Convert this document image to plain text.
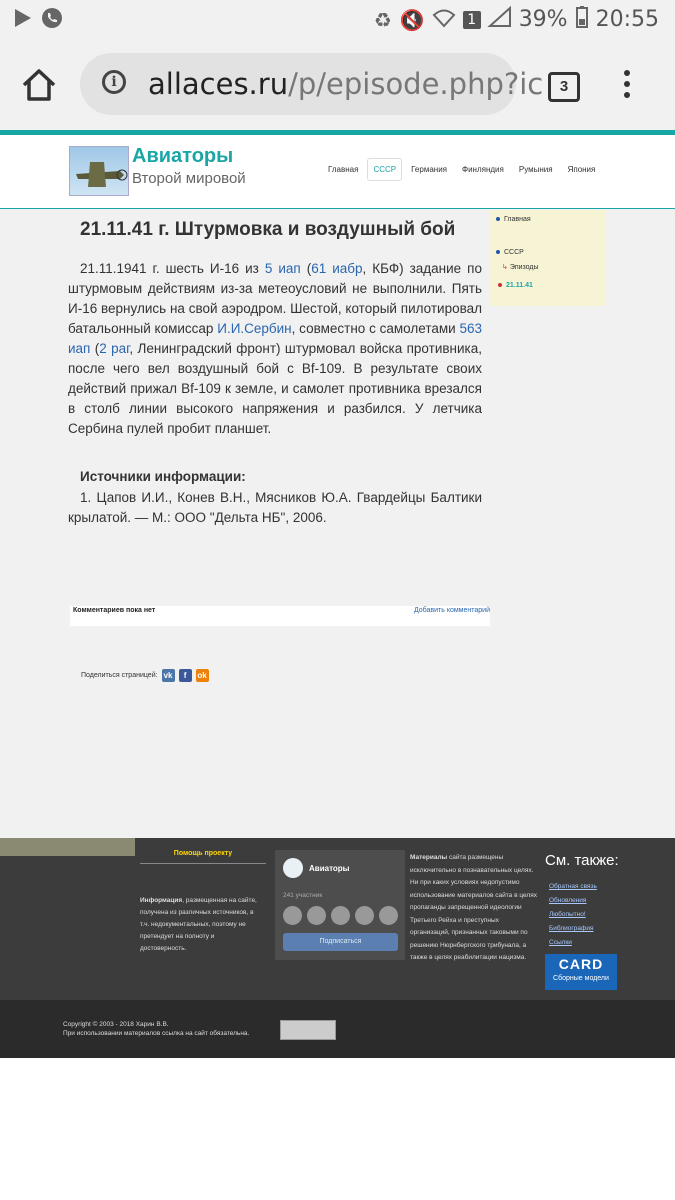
♻ 🔇	1 39% 20:55
i	allaces.ru/p/episode.php?ic	3
Авиаторы
Второй мировой
Главная	СССР	Германия	Финляндия	Румыния	Япония
21.11.41 г. Штурмовка и воздушный бой

21.11.1941 г. шесть И-16 из 5 иап (61 иабр, КБФ) задание по штурмовым действиям из-за метеоусловий не выполнили. Пять И-16 вернулись на свой аэродром. Шестой, который пилотировал батальонный комиссар И.И.Сербин, совместно с самолетами 563 иап (2 раг, Ленинградский фронт) штурмовал войска противника, после чего вел воздушный бой с Bf-109. В результате своих действий прижал Bf-109 к земле, и самолет противника врезался в столб линии высокого напряжения и разбился. У летчика Сербина пулей пробит планшет.

Источники информации:

1. Цапов И.И., Конев В.Н., Мясников Ю.А. Гвардейцы Балтики крылатой. — М.: ООО "Дельта НБ", 2006.

Главная
СССР
↳ Эпизоды
21.11.41
Комментариев пока нет	Добавить комментарий
Поделиться страницей: vk	f	ok
Помощь проекту
Информация, размещенная на сайте, получена из различных источников, в т.ч. недокументальных, поэтому не претендует на полноту и достоверность.
Авиаторы
241 участник
Подписаться
Материалы сайта размещены исключительно в познавательных целях. Ни при каких условиях недопустимо использование материалов сайта в целях пропаганды запрещенной идеологии Третьего Рейха и преступных организаций, признанных таковыми по решению Нюрнбергского трибунала, а также в целях реабилитации нацизма.
См. также:
Обратная связь
Обновления
Любопытно!
Библиография
Ссылки
CARD
Сборные модели
Copyright © 2003 - 2018 Харин В.В.
При использовании материалов ссылка на сайт обязательна.
